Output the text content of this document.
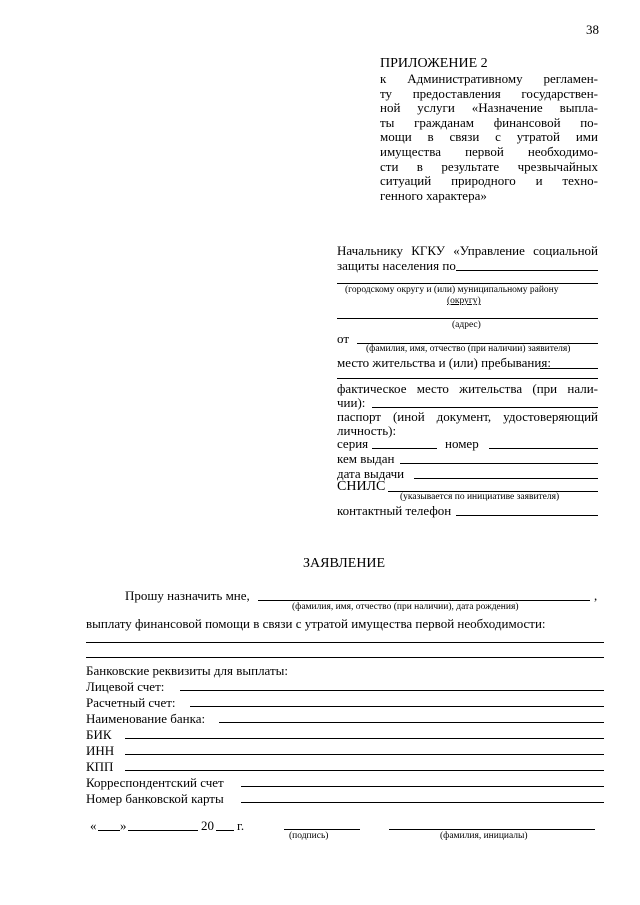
38
ПРИЛОЖЕНИЕ 2
к Административному регламен-
ту предоставления государствен-
ной услуги «Назначение выпла-
ты гражданам финансовой по-
мощи в связи с утратой ими
имущества первой необходимо-
сти в результате чрезвычайных
ситуаций природного и техно-
генного характера»
Начальнику КГКУ «Управление социальной
защиты населения по
(городскому округу и (или) муниципальному району
(округу)
(адрес)
от
(фамилия, имя, отчество (при наличии) заявителя)
место жительства и (или) пребывания:
фактическое место жительства (при нали-
чии):
паспорт (иной документ, удостоверяющий
личность):
серия	номер
кем выдан
дата выдачи
СНИЛС
(указывается по инициативе заявителя)
контактный телефон
ЗАЯВЛЕНИЕ
Прошу назначить мне,	,
(фамилия, имя, отчество (при наличии), дата рождения)
выплату финансовой помощи в связи с утратой имущества первой необходимости:
Банковские реквизиты для выплаты:
Лицевой счет:
Расчетный счет:
Наименование банка:
БИК
ИНН
КПП
Корреспондентский счет
Номер банковской карты
« »	20 г.
(подпись)	(фамилия, инициалы)
